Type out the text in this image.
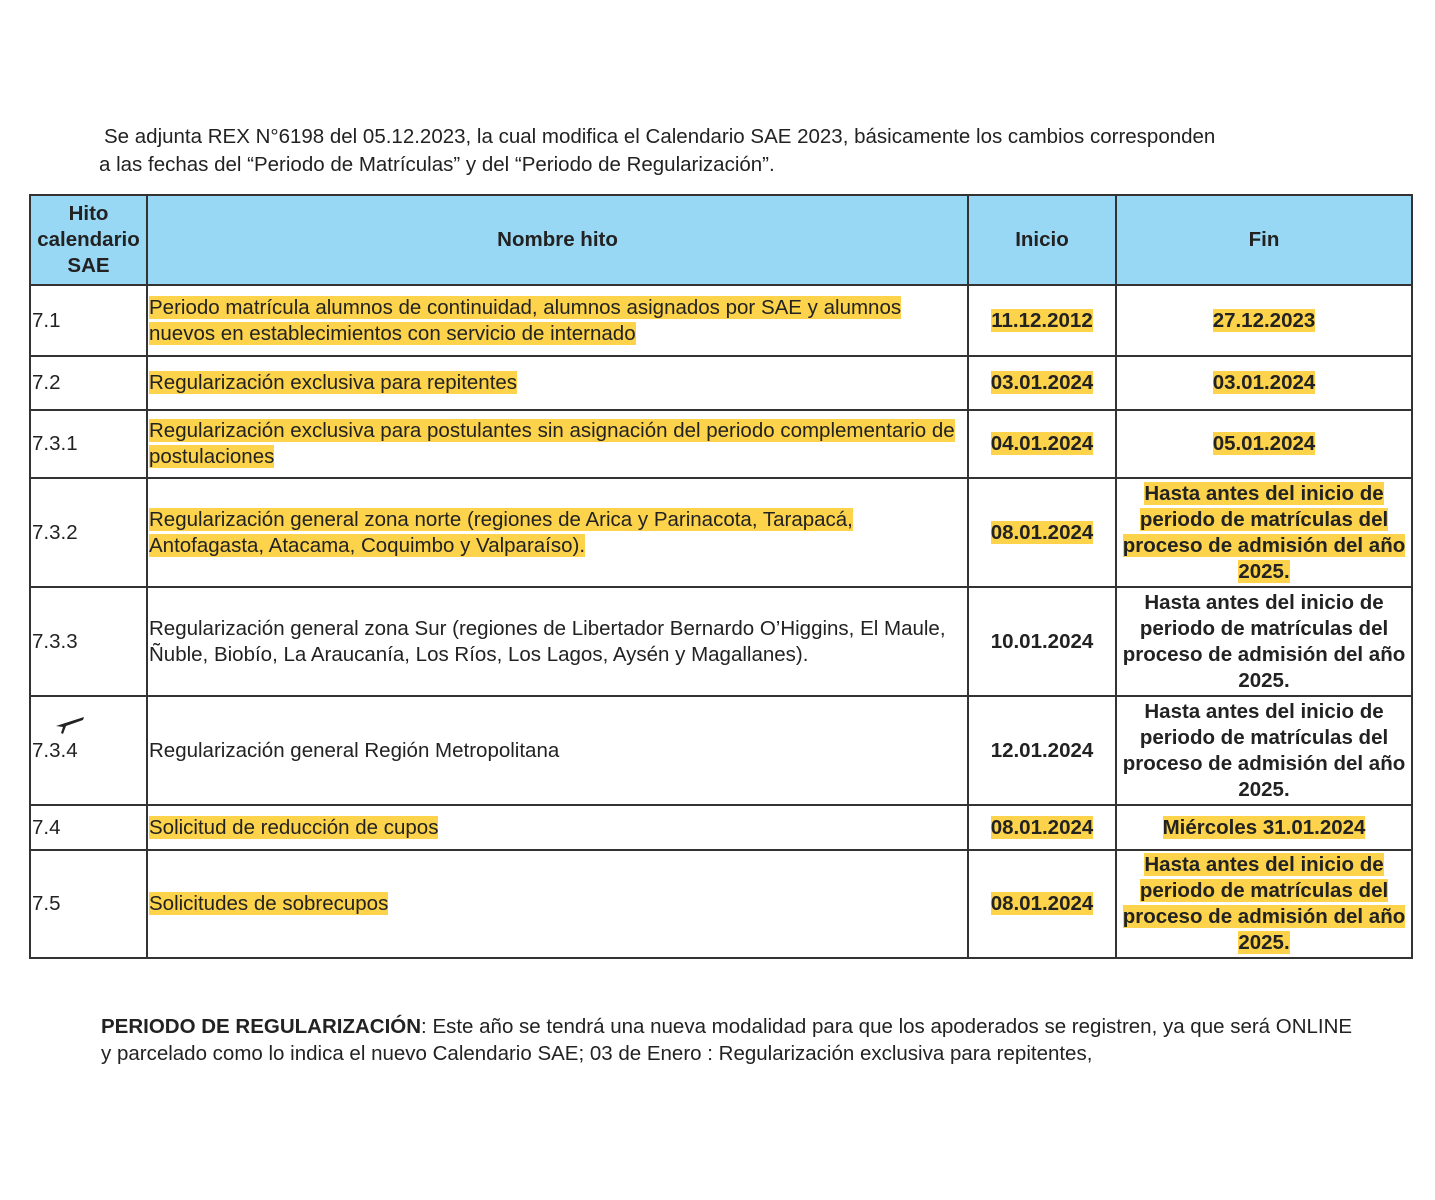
Se adjunta REX N°6198 del 05.12.2023, la cual modifica el Calendario SAE 2023, básicamente los cambios corresponden
a las fechas del “Periodo de Matrículas” y del “Periodo de Regularización”.
Hito calendario SAE	Nombre hito	Inicio	Fin
7.1	Periodo matrícula alumnos de continuidad, alumnos asignados por SAE y alumnos nuevos en establecimientos con servicio de internado	11.12.2012	27.12.2023
7.2	Regularización exclusiva para repitentes	03.01.2024	03.01.2024
7.3.1	Regularización exclusiva para postulantes sin asignación del periodo complementario de postulaciones	04.01.2024	05.01.2024
7.3.2	Regularización general zona norte (regiones de Arica y Parinacota, Tarapacá, Antofagasta, Atacama, Coquimbo y Valparaíso).	08.01.2024	Hasta antes del inicio de periodo de matrículas del proceso de admisión del año 2025.
7.3.3	Regularización general zona Sur (regiones de Libertador Bernardo O’Higgins, El Maule, Ñuble, Biobío, La Araucanía, Los Ríos, Los Lagos, Aysén y Magallanes).	10.01.2024	Hasta antes del inicio de periodo de matrículas del proceso de admisión del año 2025.
7.3.4	Regularización general Región Metropolitana	12.01.2024	Hasta antes del inicio de periodo de matrículas del proceso de admisión del año 2025.
7.4	Solicitud de reducción de cupos	08.01.2024	Miércoles 31.01.2024
7.5	Solicitudes de sobrecupos	08.01.2024	Hasta antes del inicio de periodo de matrículas del proceso de admisión del año 2025.
PERIODO DE REGULARIZACIÓN: Este año se tendrá una nueva modalidad para que los apoderados se registren, ya que será ONLINE y parcelado como lo indica el nuevo Calendario SAE; 03 de Enero : Regularización exclusiva para repitentes,
